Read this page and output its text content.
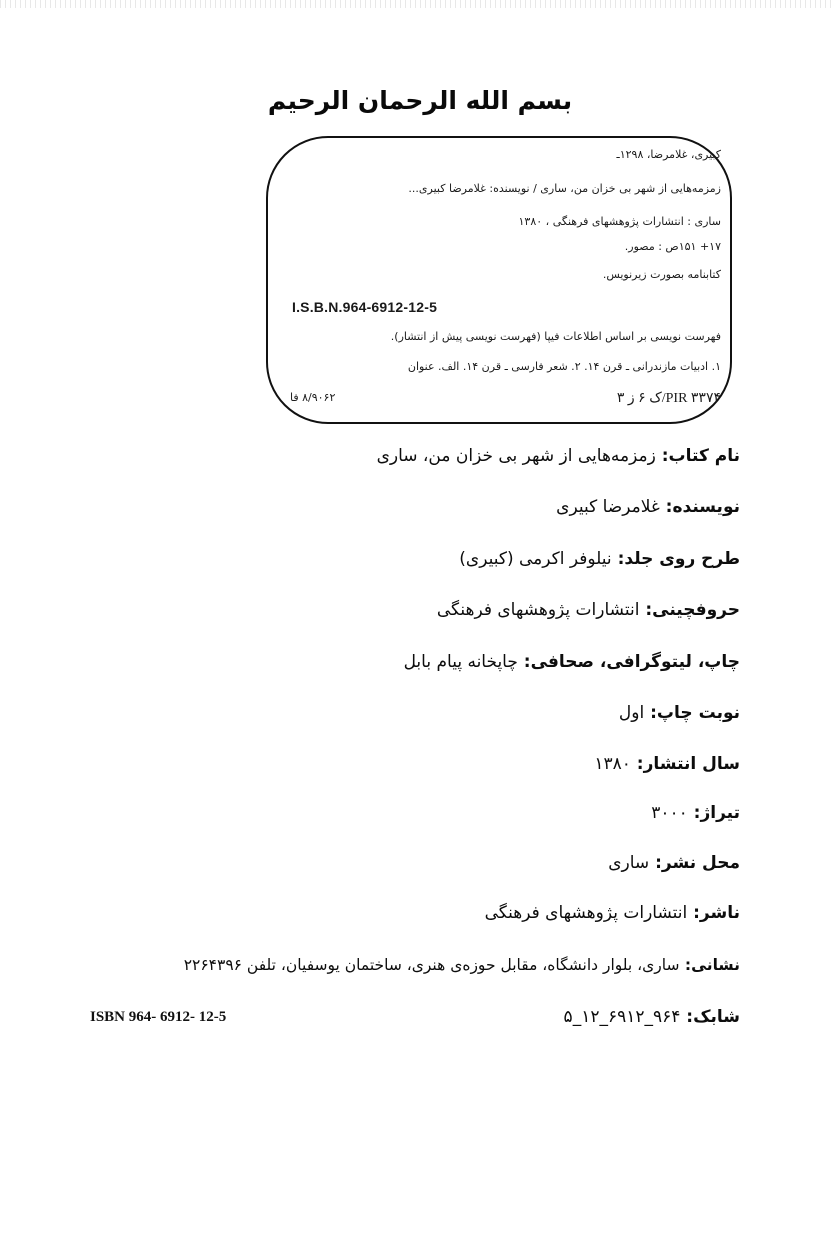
بسم الله الرحمان الرحيم
کبیری، غلامرضا، ۱۲۹۸ـ
زمزمه‌هایی از شهر بی خزان من، ساری / نویسنده: غلامرضا کبیری...
ساری : انتشارات پژوهشهای فرهنگی ، ۱۳۸۰
۱۷+ ۱۵۱ص : مصور.
کتابنامه بصورت زیرنویس.
I.S.B.N.964-6912-12-5
فهرست نویسی بر اساس اطلاعات فیپا (فهرست نویسی پیش از انتشار).
۱. ادبیات مازندرانی ـ قرن ۱۴. ۲. شعر فارسی ـ قرن ۱۴. الف. عنوان
PIR ۳۳۷۴/ک ۶ ز ۳
۸/۹۰۶۲ فا
نام کتاب: زمزمه‌هایی از شهر بی خزان من، ساری
نویسنده: غلامرضا کبیری
طرح روی جلد: نیلوفر اکرمی (کبیری)
حروفچینی: انتشارات پژوهشهای فرهنگی
چاپ، لیتوگرافی، صحافی: چاپخانه پیام بابل
نوبت چاپ: اول
سال انتشار: ۱۳۸۰
تیراژ: ۳۰۰۰
محل نشر: ساری
ناشر: انتشارات پژوهشهای فرهنگی
نشانی: ساری، بلوار دانشگاه، مقابل حوزه‌ی هنری، ساختمان یوسفیان، تلفن ۲۲۶۴۳۹۶
شابک: ۹۶۴_۶۹۱۲_۱۲_۵
ISBN 964- 6912- 12-5
